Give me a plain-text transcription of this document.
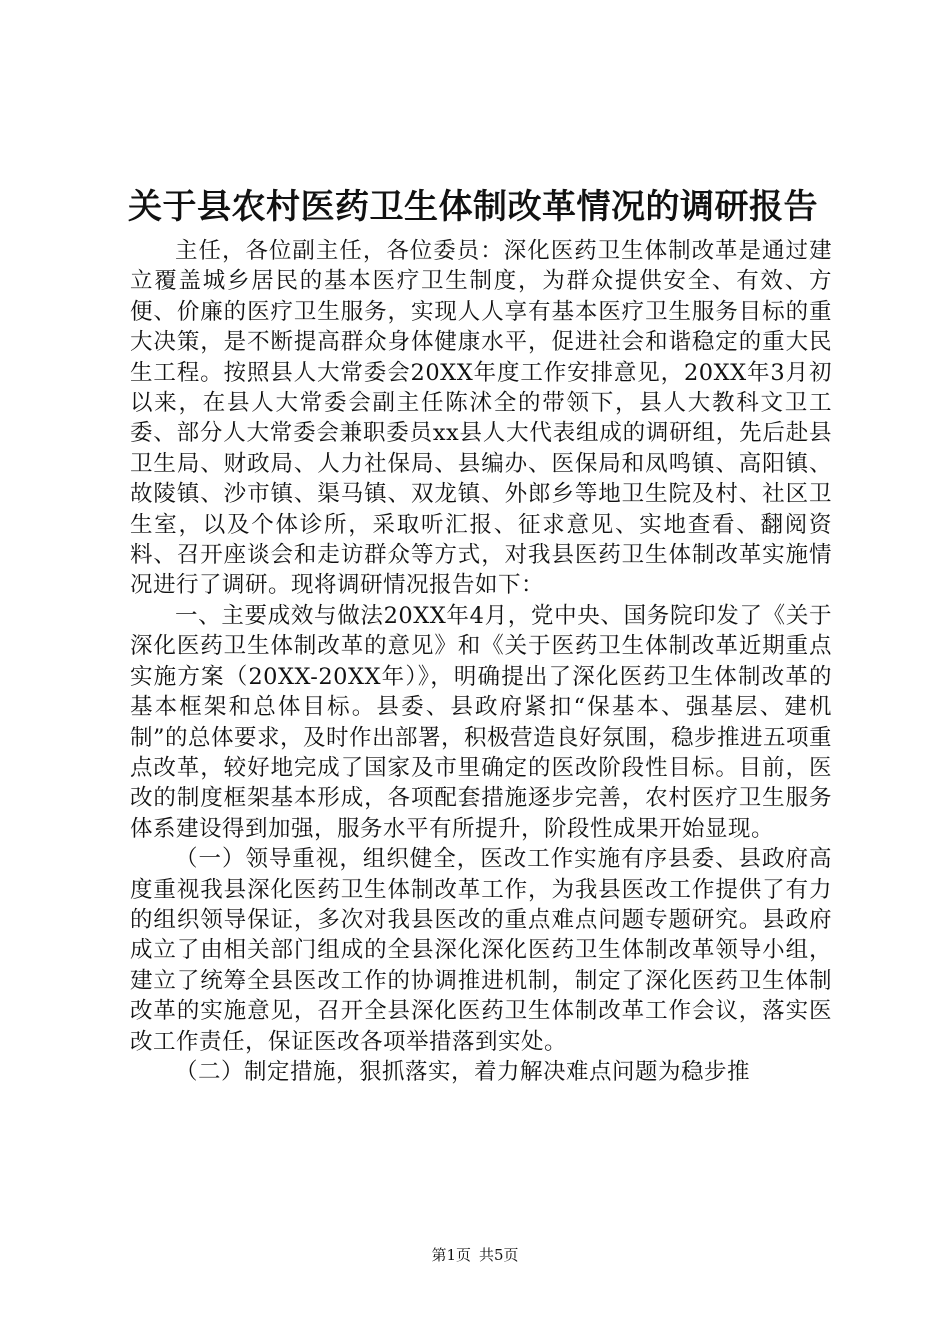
关于县农村医药卫生体制改革情况的调研报告

主任，各位副主任，各位委员：深化医药卫生体制改革是通过建立覆盖城乡居民的基本医疗卫生制度，为群众提供安全、有效、方便、价廉的医疗卫生服务，实现人人享有基本医疗卫生服务目标的重大决策，是不断提高群众身体健康水平，促进社会和谐稳定的重大民生工程。按照县人大常委会20XX年度工作安排意见，20XX年3月初以来，在县人大常委会副主任陈沭全的带领下，县人大教科文卫工委、部分人大常委会兼职委员xx县人大代表组成的调研组，先后赴县卫生局、财政局、人力社保局、县编办、医保局和凤鸣镇、高阳镇、故陵镇、沙市镇、渠马镇、双龙镇、外郎乡等地卫生院及村、社区卫生室，以及个体诊所，采取听汇报、征求意见、实地查看、翻阅资料、召开座谈会和走访群众等方式，对我县医药卫生体制改革实施情况进行了调研。现将调研情况报告如下：

一、主要成效与做法20XX年4月，党中央、国务院印发了《关于深化医药卫生体制改革的意见》和《关于医药卫生体制改革近期重点实施方案（20XX-20XX年）》，明确提出了深化医药卫生体制改革的基本框架和总体目标。县委、县政府紧扣“保基本、强基层、建机制”的总体要求，及时作出部署，积极营造良好氛围，稳步推进五项重点改革，较好地完成了国家及市里确定的医改阶段性目标。目前，医改的制度框架基本形成，各项配套措施逐步完善，农村医疗卫生服务体系建设得到加强，服务水平有所提升，阶段性成果开始显现。

（一）领导重视，组织健全，医改工作实施有序县委、县政府高度重视我县深化医药卫生体制改革工作，为我县医改工作提供了有力的组织领导保证，多次对我县医改的重点难点问题专题研究。县政府成立了由相关部门组成的全县深化深化医药卫生体制改革领导小组，建立了统筹全县医改工作的协调推进机制，制定了深化医药卫生体制改革的实施意见，召开全县深化医药卫生体制改革工作会议，落实医改工作责任，保证医改各项举措落到实处。

（二）制定措施，狠抓落实，着力解决难点问题为稳步推

第1页 共5页
